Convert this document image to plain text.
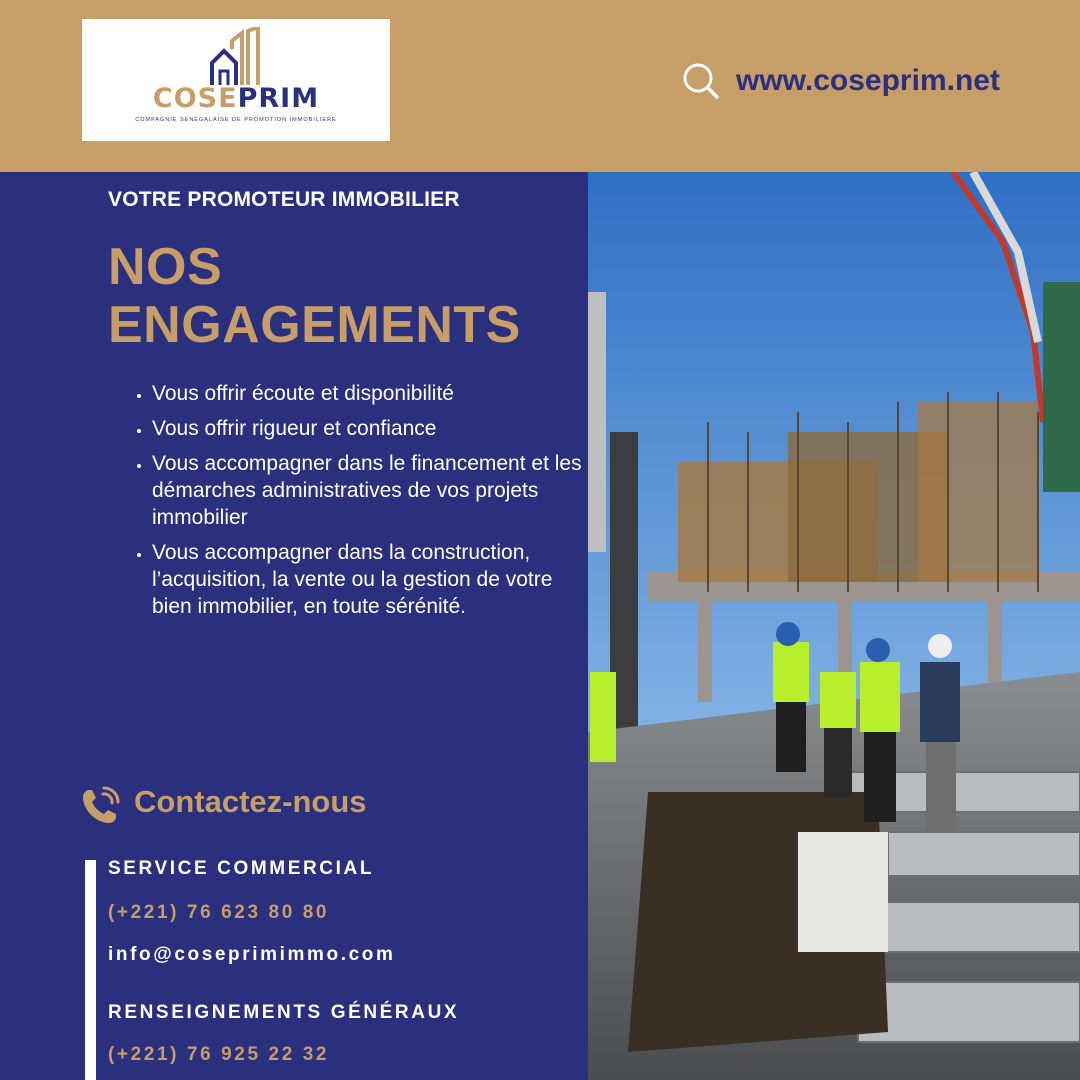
COSEPRIM
COMPAGNIE SENEGALAISE DE PROMOTION IMMOBILIERE
www.coseprim.net
VOTRE PROMOTEUR IMMOBILIER
NOS
ENGAGEMENTS
• Vous offrir écoute et disponibilité
• Vous offrir rigueur et confiance
• Vous accompagner dans le financement et les démarches administratives de vos projets immobilier
• Vous accompagner dans la construction, l’acquisition, la vente ou la gestion de votre bien immobilier, en toute sérénité.
Contactez-nous
SERVICE COMMERCIAL
(+221) 76 623 80 80
info@coseprimimmo.com
RENSEIGNEMENTS GÉNÉRAUX
(+221) 76 925 22 32
